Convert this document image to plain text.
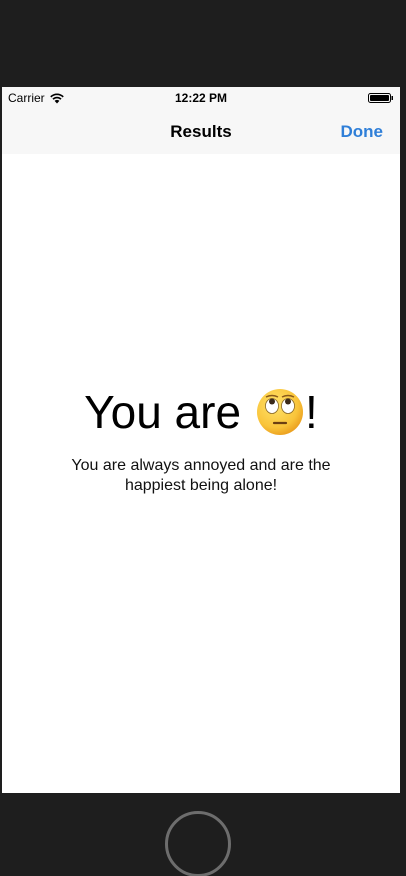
Carrier	12:22 PM
Results	Done
You are !
You are always annoyed and are the happiest being alone!
